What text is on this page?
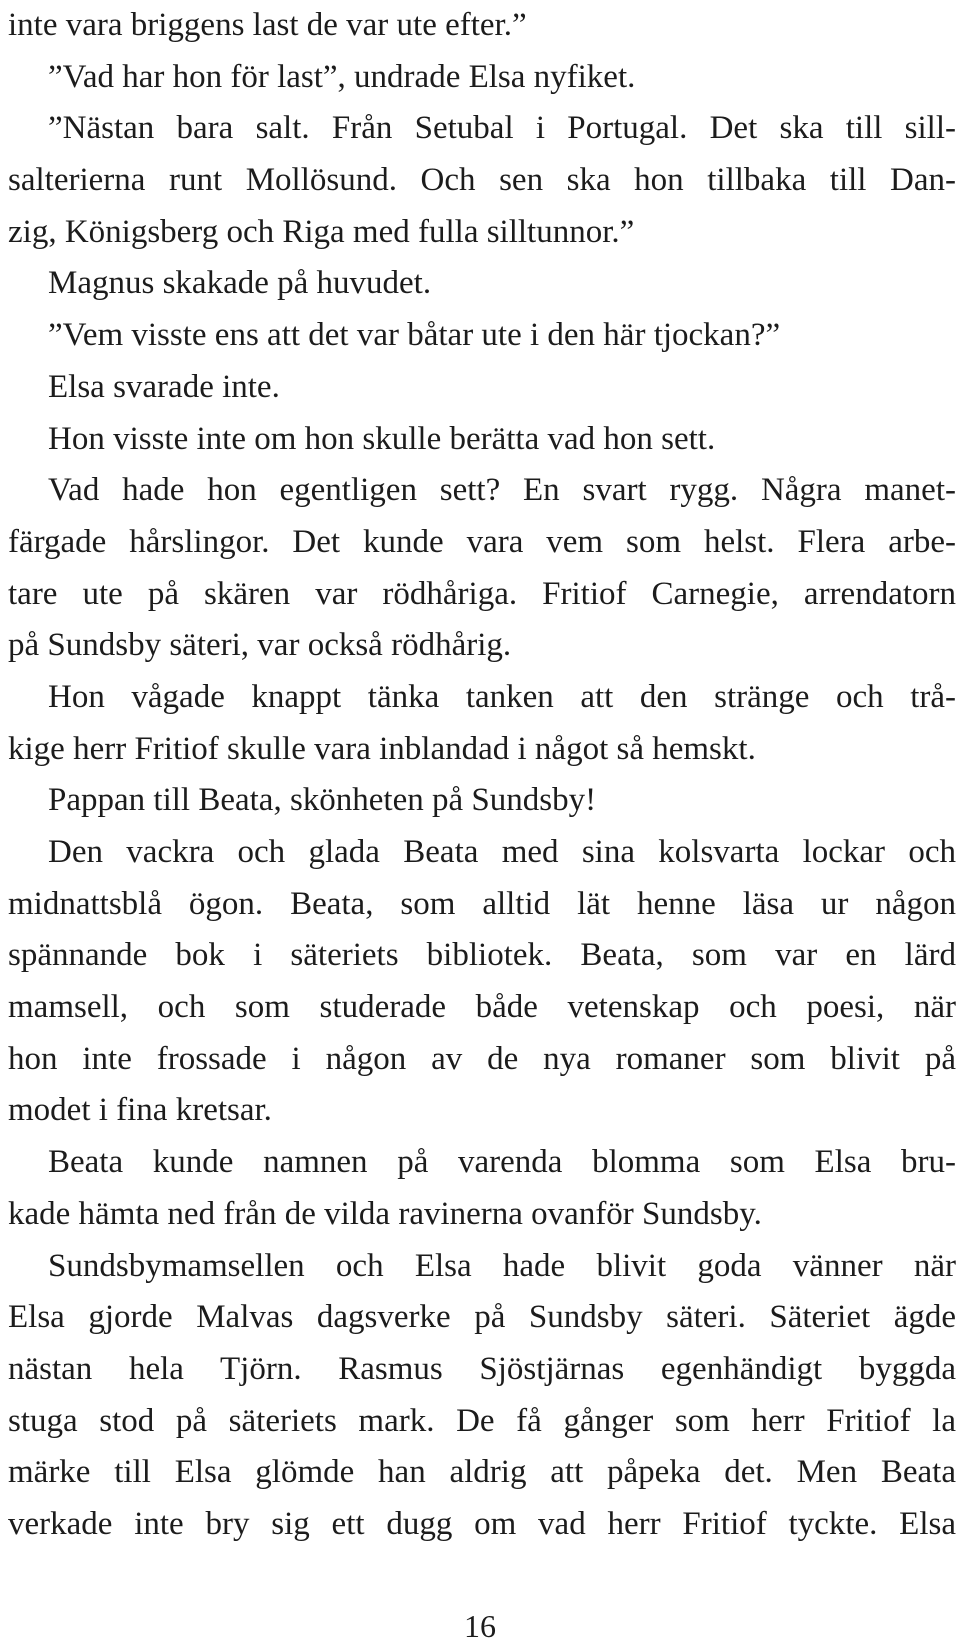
inte vara briggens last de var ute efter.”
”Vad har hon för last”, undrade Elsa nyfiket.
”Nästan bara salt. Från Setubal i Portugal. Det ska till sill-
salterierna runt Mollösund. Och sen ska hon tillbaka till Dan-
zig, Königsberg och Riga med fulla silltunnor.”
Magnus skakade på huvudet.
”Vem visste ens att det var båtar ute i den här tjockan?”
Elsa svarade inte.
Hon visste inte om hon skulle berätta vad hon sett.
Vad hade hon egentligen sett? En svart rygg. Några manet-
färgade hårslingor. Det kunde vara vem som helst. Flera arbe-
tare ute på skären var rödhåriga. Fritiof Carnegie, arrendatorn
på Sundsby säteri, var också rödhårig.
Hon vågade knappt tänka tanken att den stränge och trå-
kige herr Fritiof skulle vara inblandad i något så hemskt.
Pappan till Beata, skönheten på Sundsby!
Den vackra och glada Beata med sina kolsvarta lockar och
midnattsblå ögon. Beata, som alltid lät henne läsa ur någon
spännande bok i säteriets bibliotek. Beata, som var en lärd
mamsell, och som studerade både vetenskap och poesi, när
hon inte frossade i någon av de nya romaner som blivit på
modet i fina kretsar.
Beata kunde namnen på varenda blomma som Elsa bru-
kade hämta ned från de vilda ravinerna ovanför Sundsby.
Sundsbymamsellen och Elsa hade blivit goda vänner när
Elsa gjorde Malvas dagsverke på Sundsby säteri. Säteriet ägde
nästan hela Tjörn. Rasmus Sjöstjärnas egenhändigt byggda
stuga stod på säteriets mark. De få gånger som herr Fritiof la
märke till Elsa glömde han aldrig att påpeka det. Men Beata
verkade inte bry sig ett dugg om vad herr Fritiof tyckte. Elsa
16
